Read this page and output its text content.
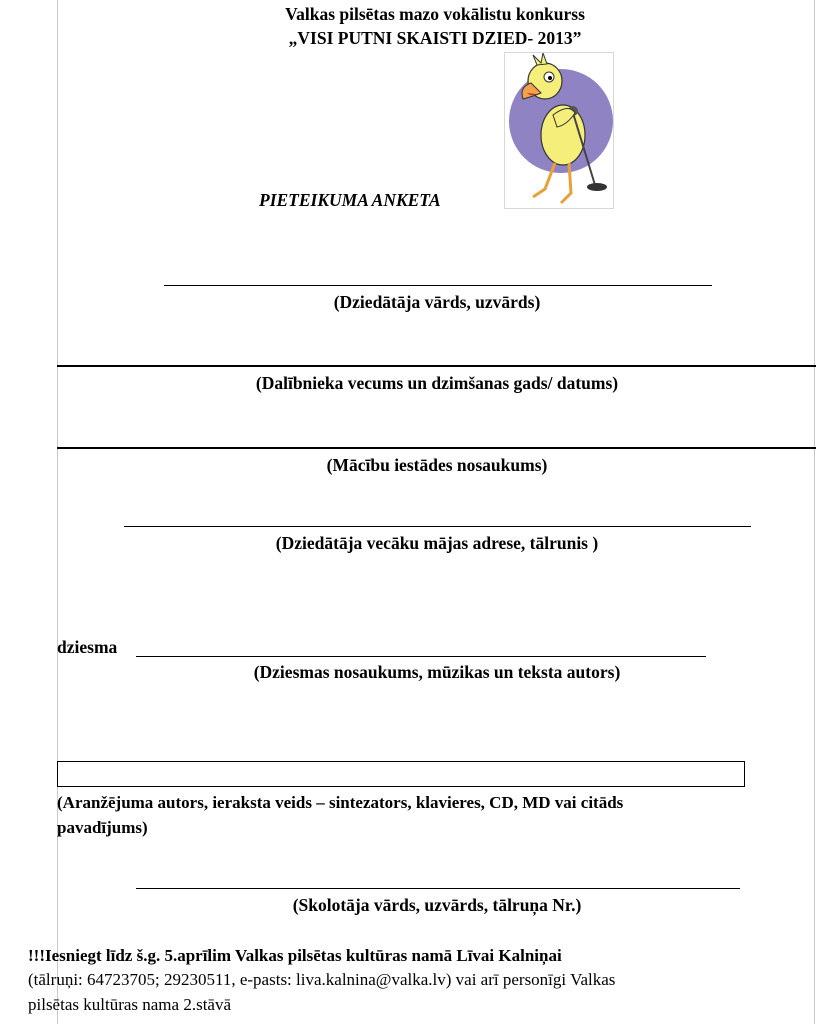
Valkas pilsētas mazo vokālistu konkurss
„VISI PUTNI SKAISTI DZIED- 2013”
PIETEIKUMA ANKETA
(Dziedātāja vārds, uzvārds)
(Dalībnieka vecums un dzimšanas gads/ datums)
(Mācību iestādes nosaukums)
(Dziedātāja vecāku mājas adrese, tālrunis )
dziesma
(Dziesmas nosaukums, mūzikas un teksta autors)
(Aranžējuma autors, ieraksta veids – sintezators, klavieres, CD, MD vai citāds
pavadījums)
(Skolotāja vārds, uzvārds, tālruņa Nr.)
!!!Iesniegt līdz š.g. 5.aprīlim Valkas pilsētas kultūras namā Līvai Kalniņai
(tālruņi: 64723705; 29230511, e-pasts: liva.kalnina@valka.lv) vai arī personīgi Valkas
pilsētas kultūras nama 2.stāvā
